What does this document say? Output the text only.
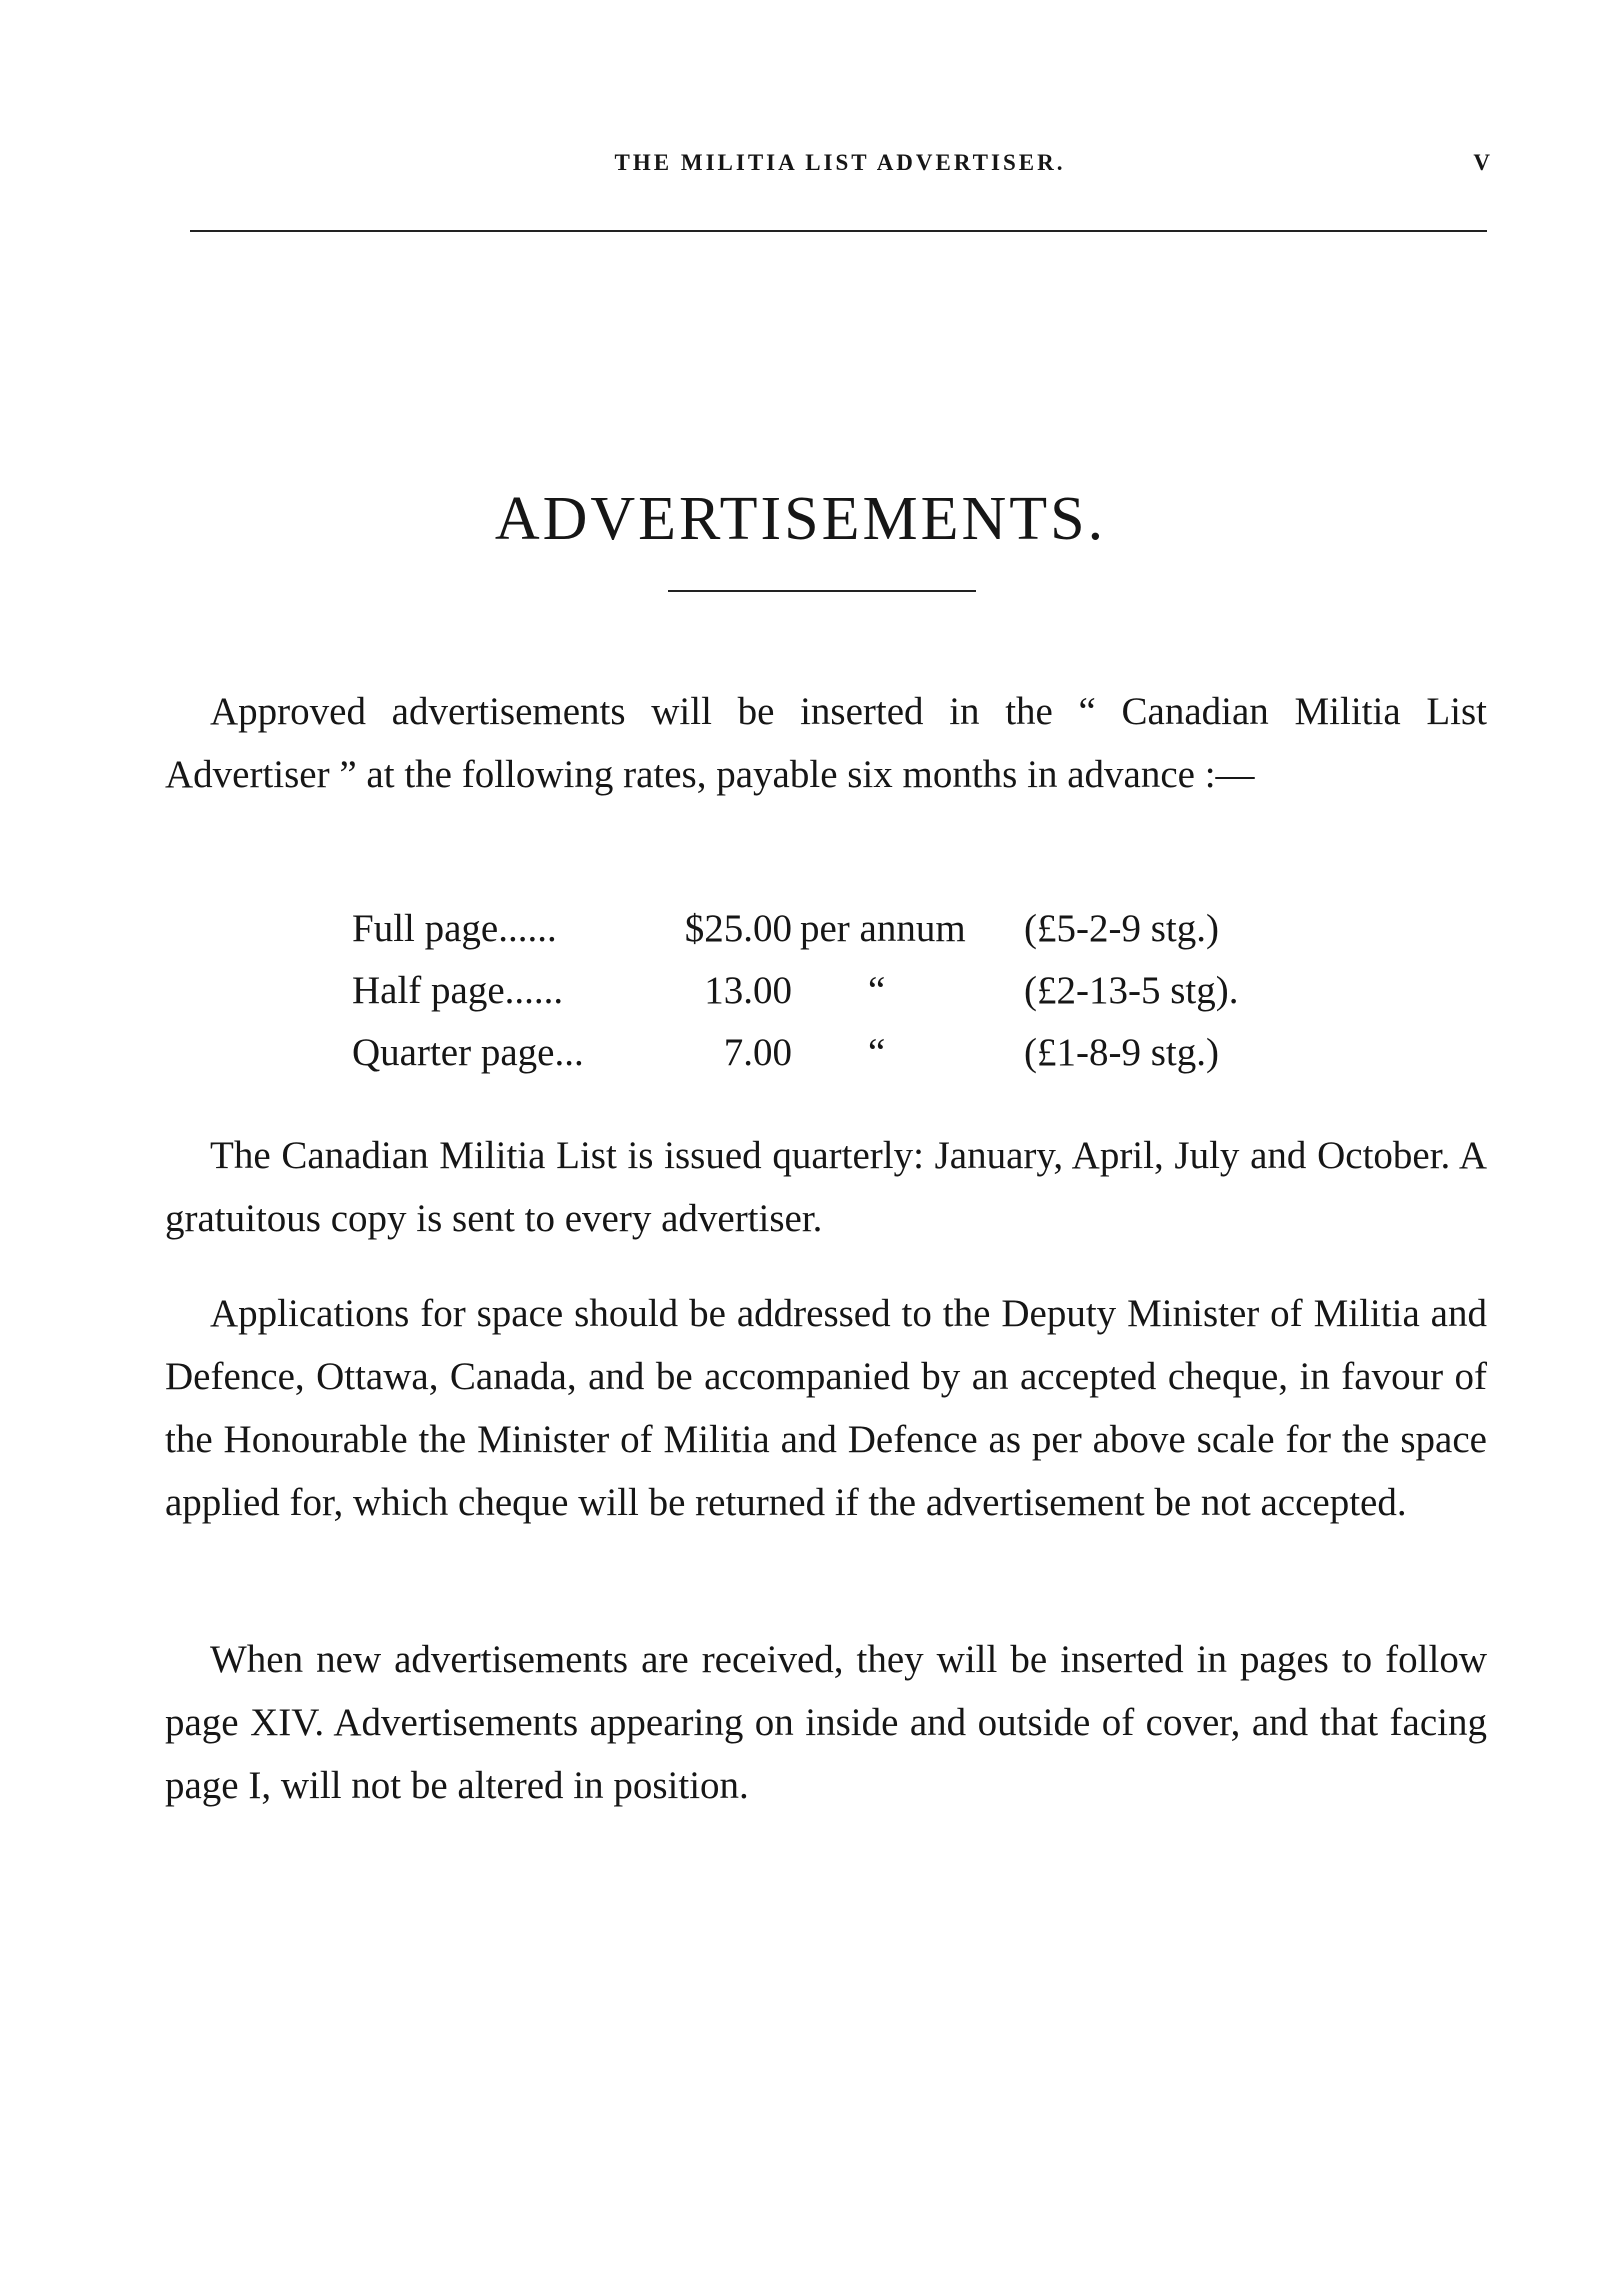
THE MILITIA LIST ADVERTISER.	V
ADVERTISEMENTS.

Approved advertisements will be inserted in the “ Canadian Militia List Advertiser ” at the following rates, payable six months in advance :—

Full page......	$25.00 per annum (£5-2-9 stg.)
Half page......	13.00 “	(£2-13-5 stg).
Quarter page...	7.00 “	(£1-8-9 stg.)

The Canadian Militia List is issued quarterly: January, April, July and October. A gratuitous copy is sent to every advertiser.

Applications for space should be addressed to the Deputy Minister of Militia and Defence, Ottawa, Canada, and be accompanied by an accepted cheque, in favour of the Honourable the Minister of Militia and Defence as per above scale for the space applied for, which cheque will be returned if the advertisement be not accepted.

When new advertisements are received, they will be inserted in pages to follow page XIV. Advertisements appearing on inside and outside of cover, and that facing page I, will not be altered in position.
